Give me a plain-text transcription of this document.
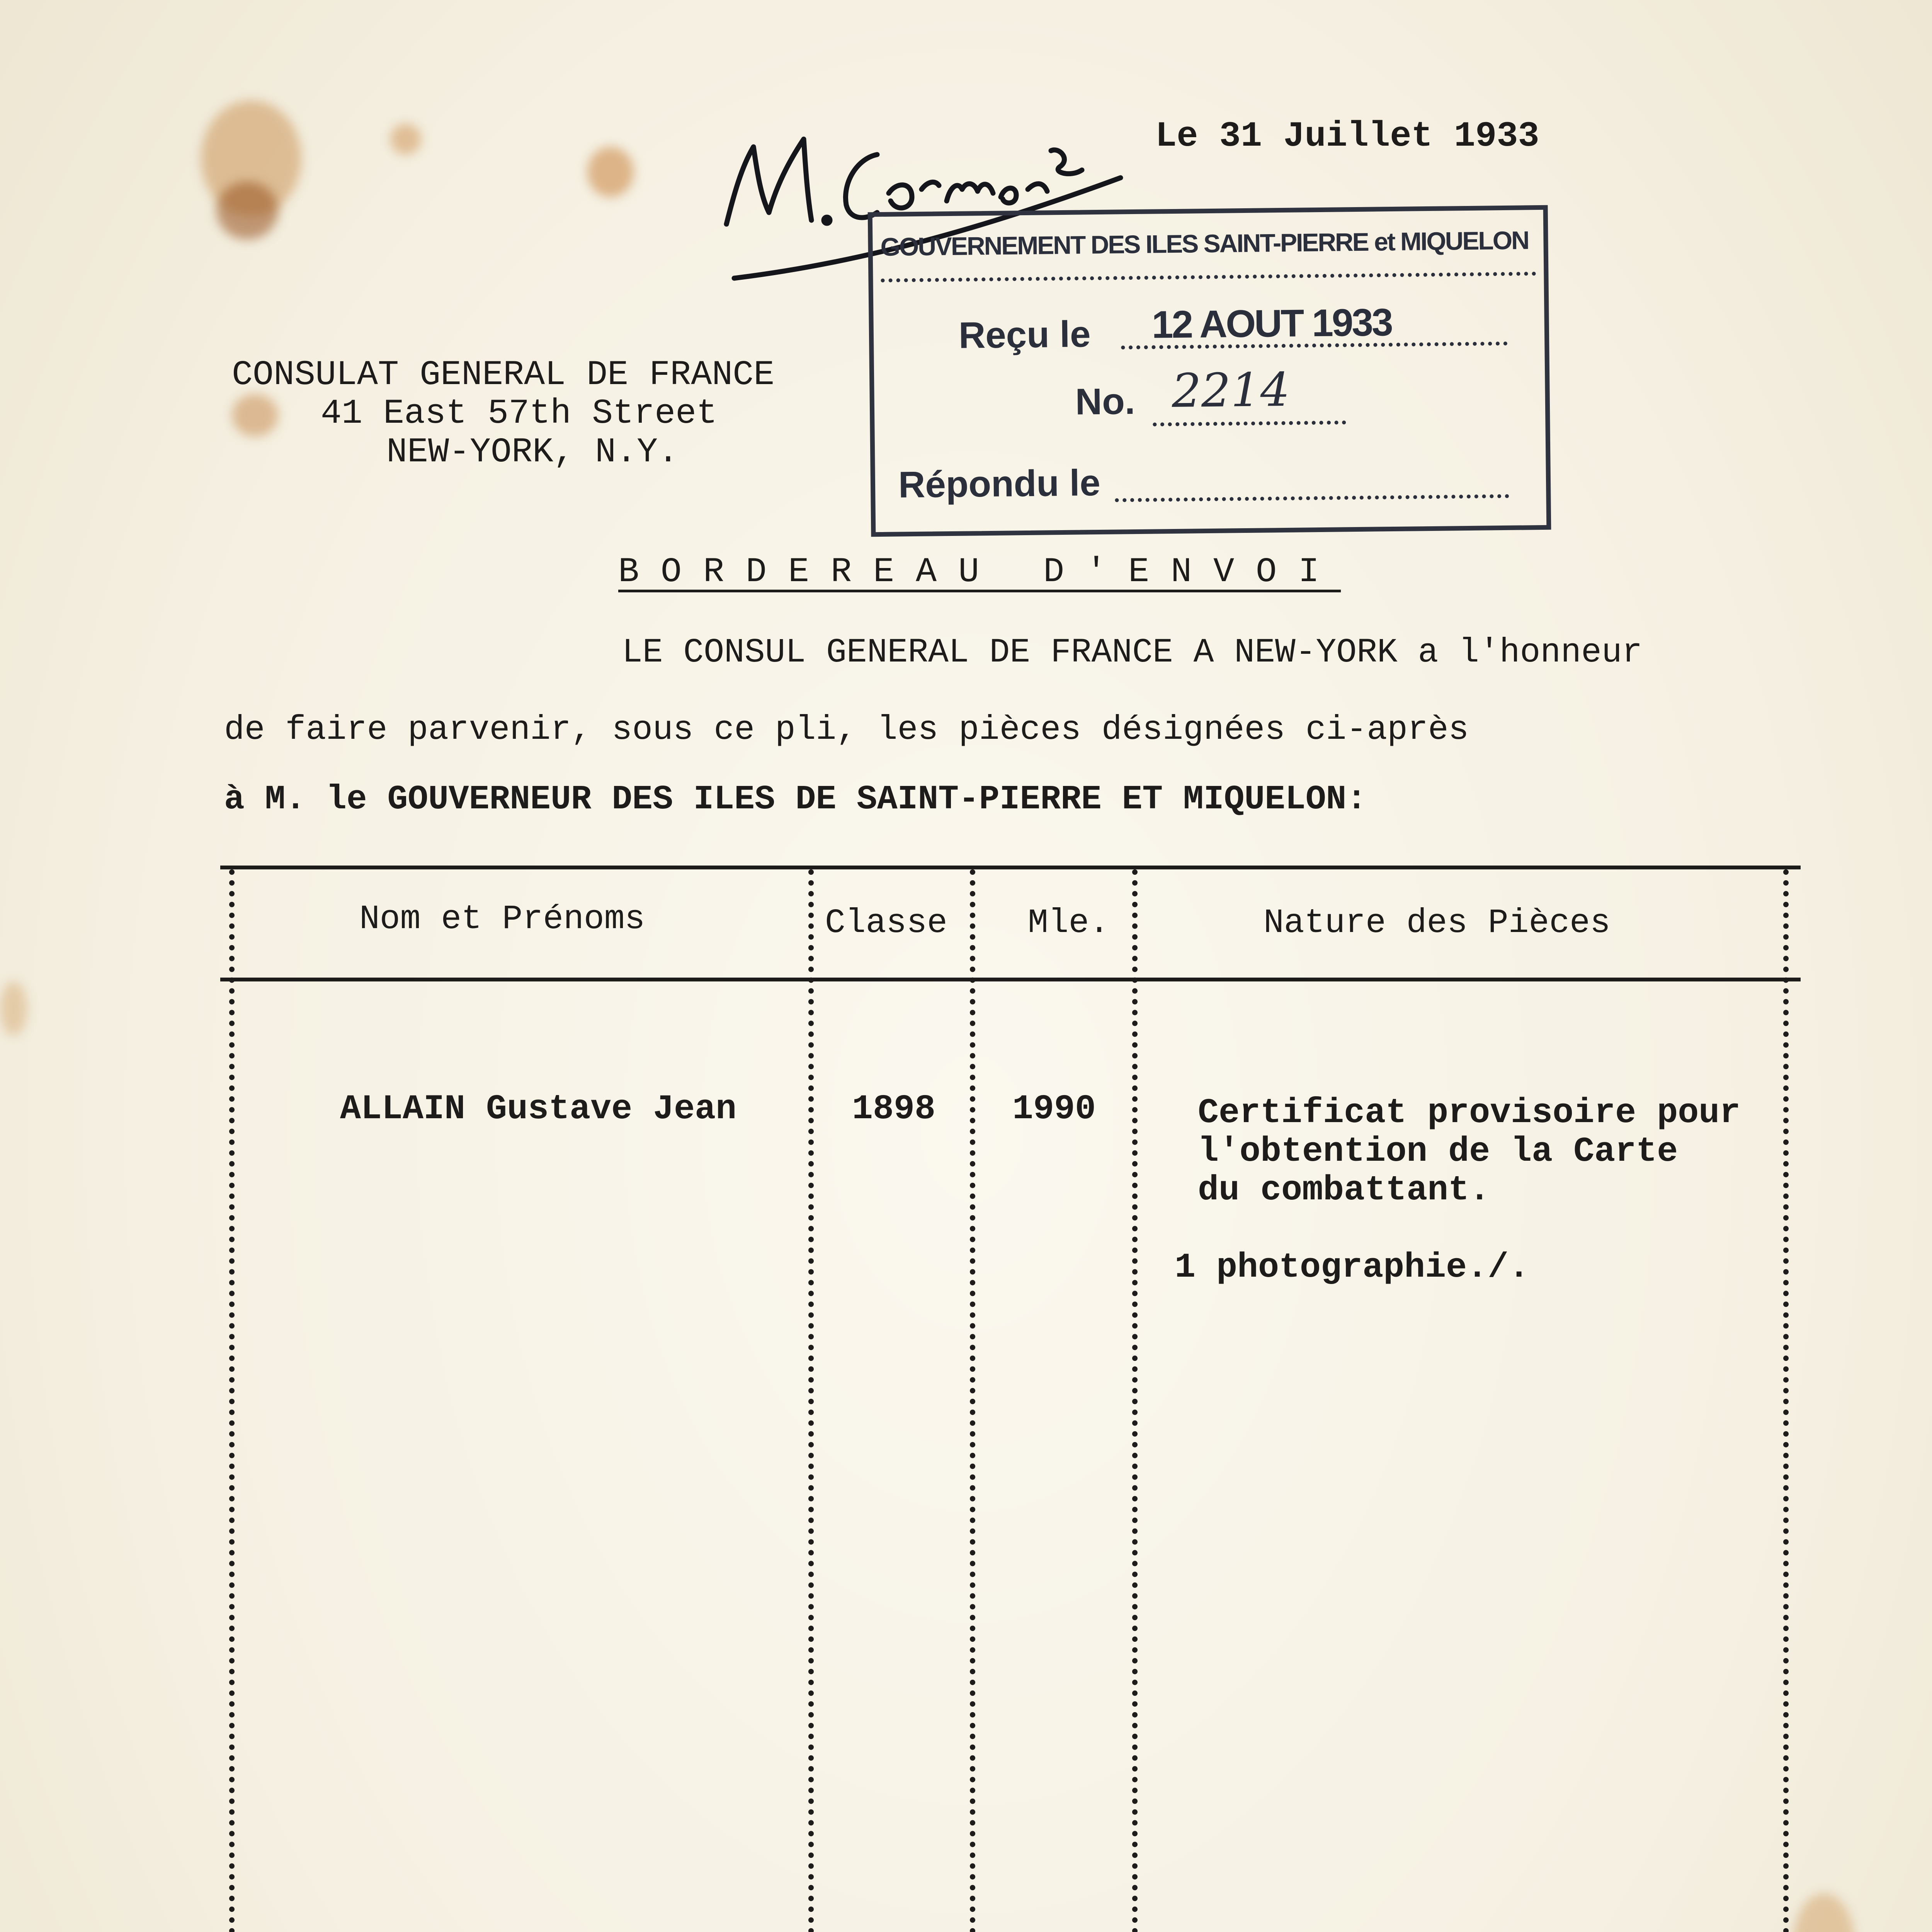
Le 31 Juillet 1933
GOUVERNEMENT DES ILES SAINT-PIERRE et MIQUELON
Reçu le 12 AOUT 1933
No. 2214
Répondu le
CONSULAT GENERAL DE FRANCE
41 East 57th Street
NEW-YORK, N.Y.
BORDEREAU D'ENVOI
LE CONSUL GENERAL DE FRANCE A NEW-YORK a l'honneur
de faire parvenir, sous ce pli, les pièces désignées ci-après
à M. le GOUVERNEUR DES ILES DE SAINT-PIERRE ET MIQUELON:
Nom et Prénoms	Classe Mle.	Nature des Pièces
ALLAIN Gustave Jean	1898 1990	Certificat provisoire pour
l'obtention de la Carte
du combattant.
1 photographie./.
